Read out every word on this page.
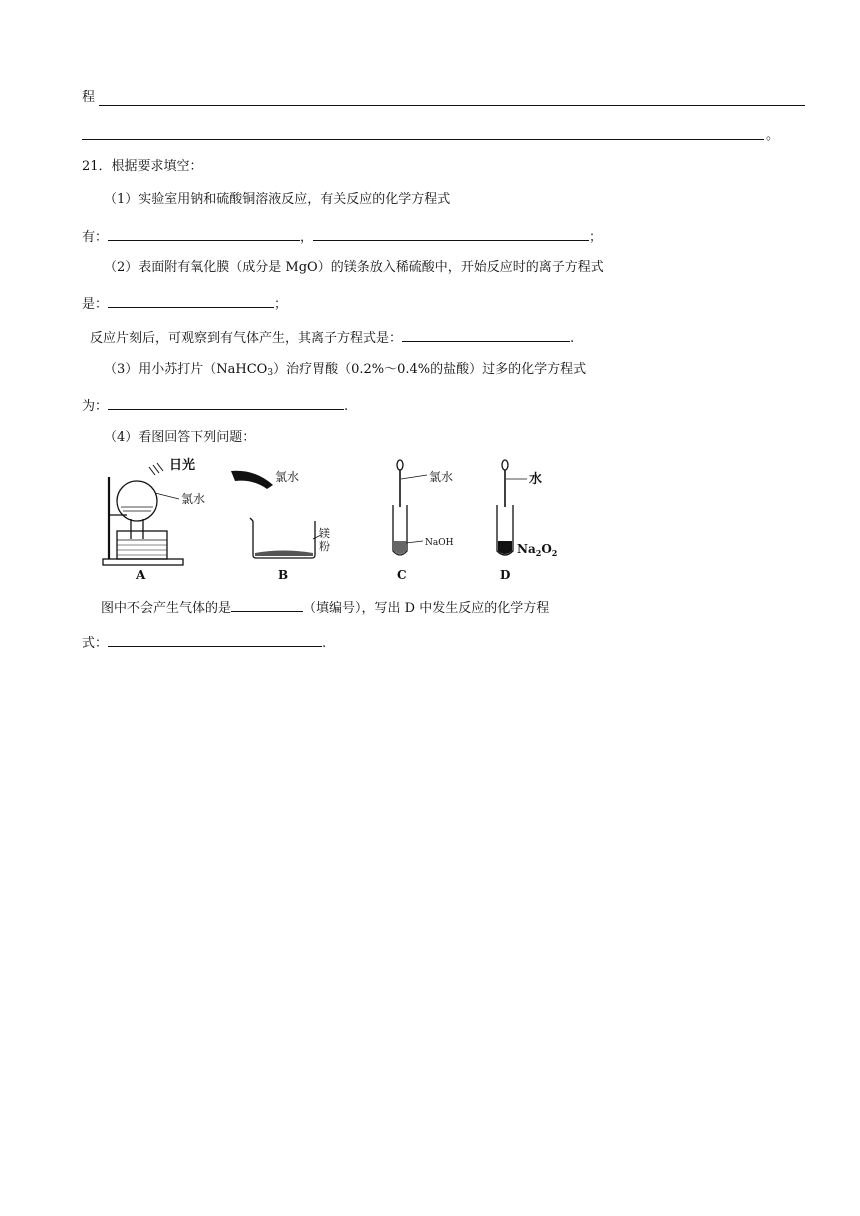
程
。
21．根据要求填空：
（1）实验室用钠和硫酸铜溶液反应，有关反应的化学方程式
有：	，	；
（2）表面附有氧化膜（成分是 MgO）的镁条放入稀硫酸中，开始反应时的离子方程式
是：	；
反应片刻后，可观察到有气体产生，其离子方程式是：	.
（3）用小苏打片（NaHCO$_3$）治疗胃酸（0.2%～0.4%的盐酸）过多的化学方程式
为：	.
（4）看图回答下列问题：
日光
氯水
A
氯水
镁
粉
B
氯水
NaOH
C
水
$Na_2O_2$
D
图中不会产生气体的是	（填编号），写出 D 中发生反应的化学方程
式：	.
